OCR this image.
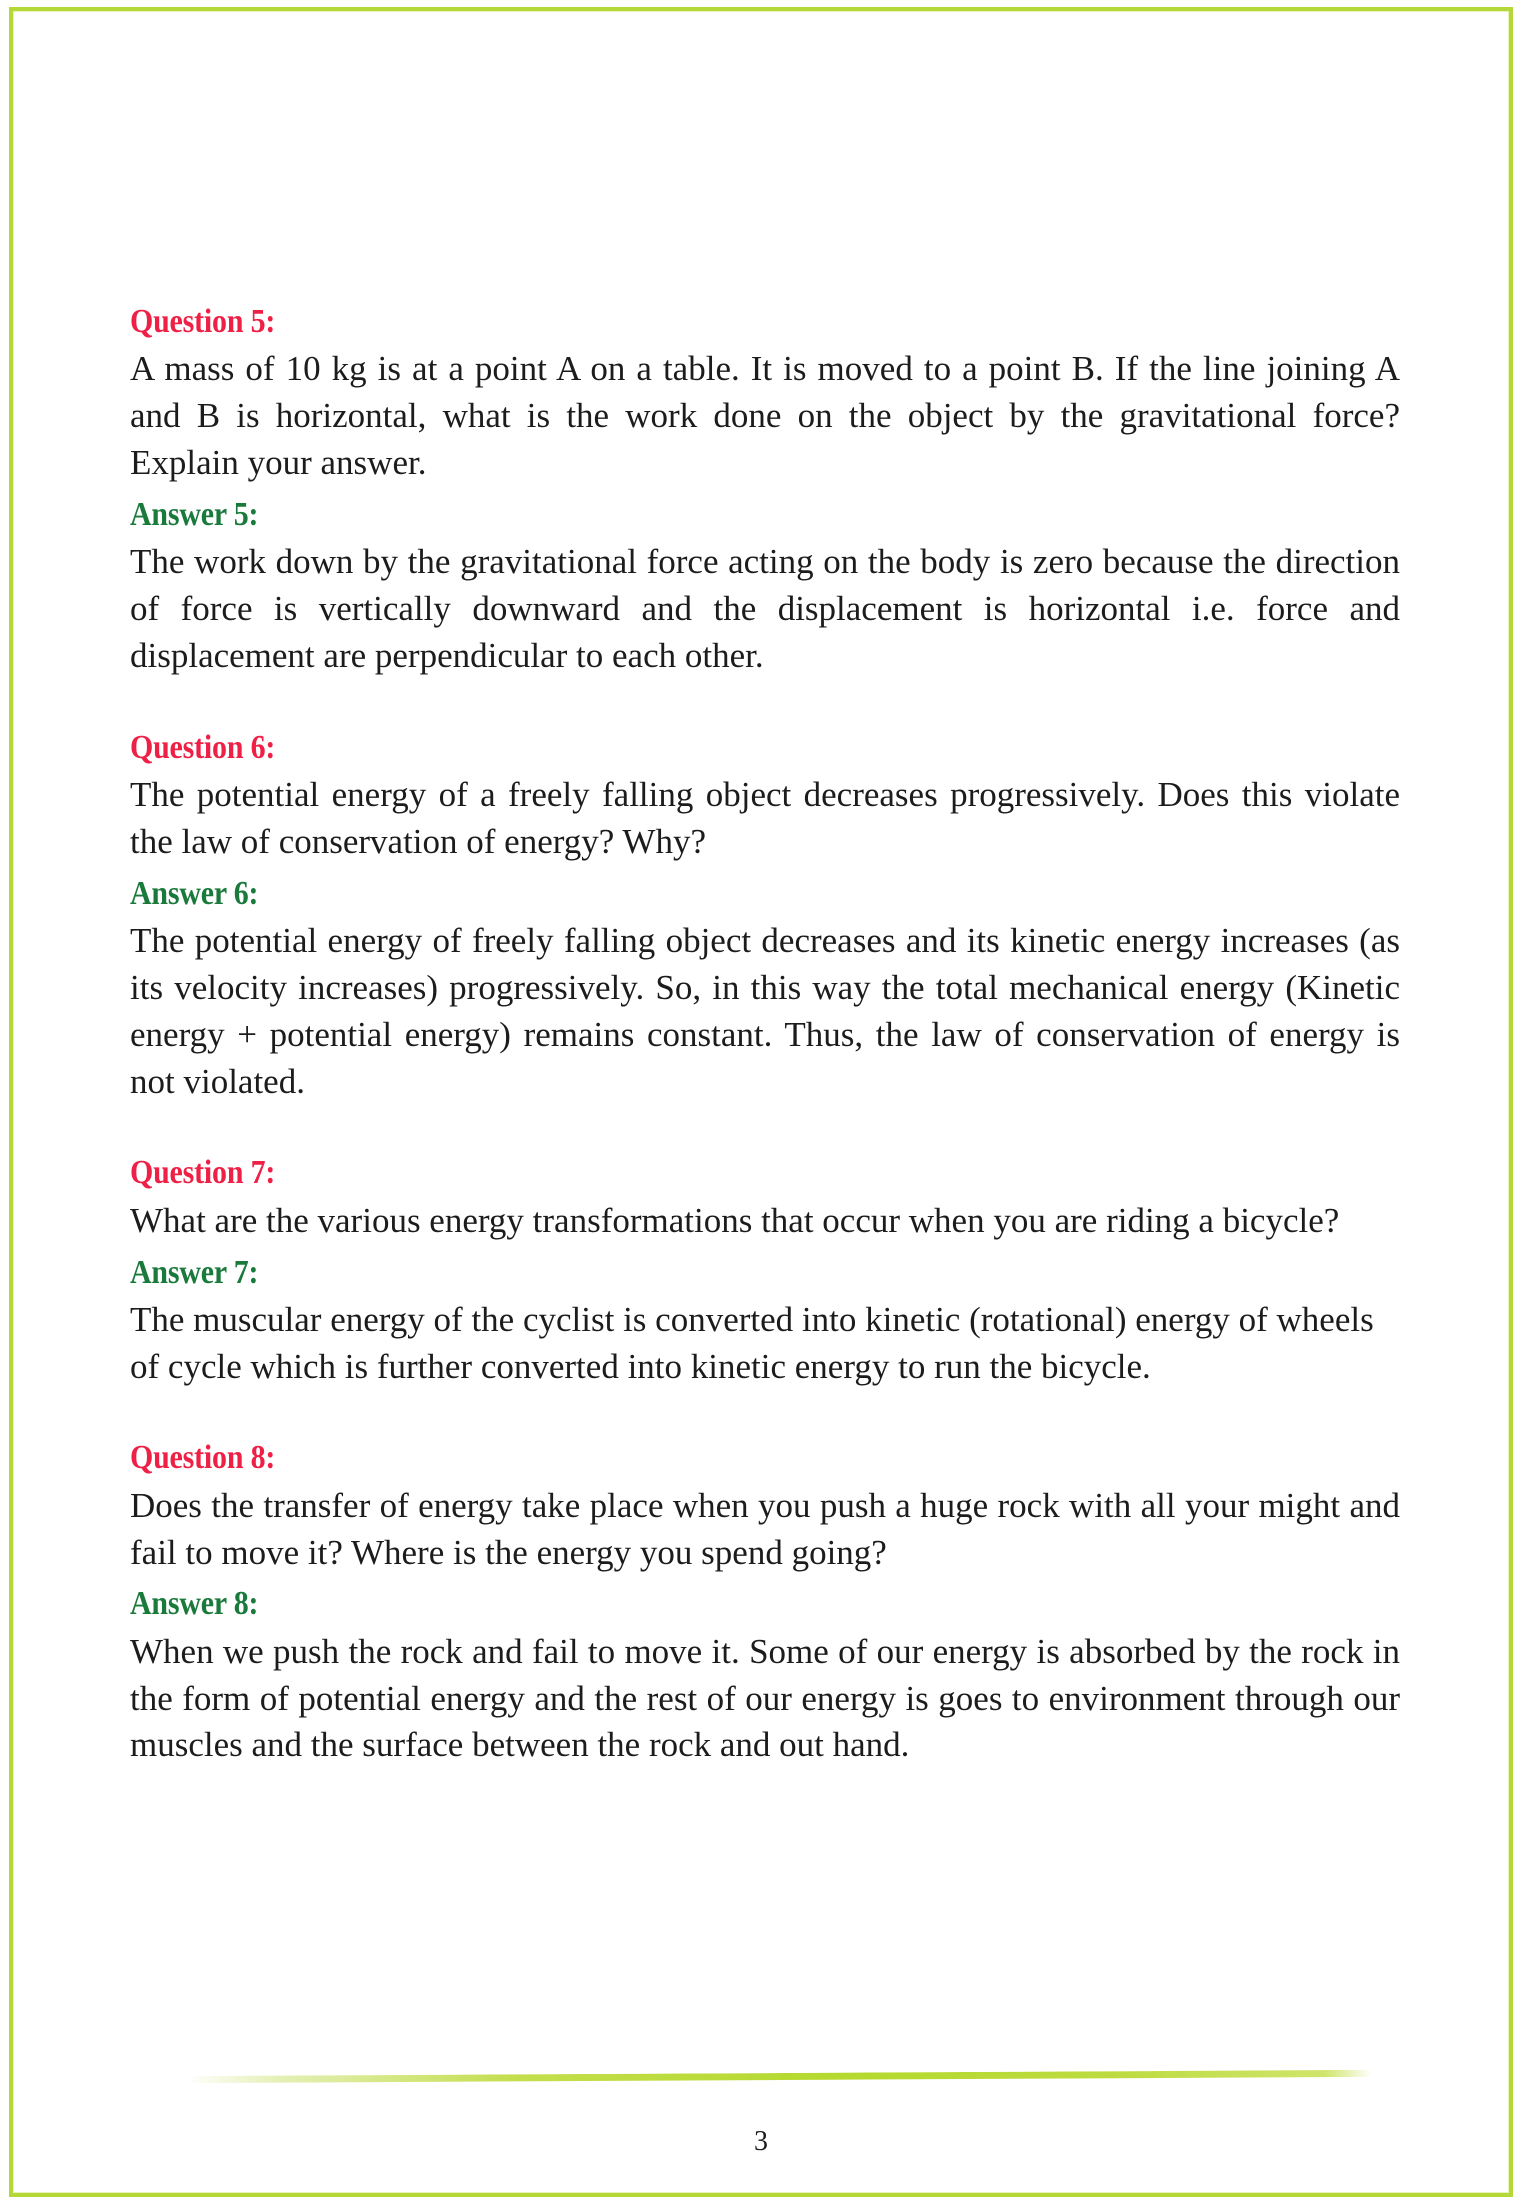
Question 5:

A mass of 10 kg is at a point A on a table. It is moved to a point B. If the line joining A and B is horizontal, what is the work done on the object by the gravitational force? Explain your answer.

Answer 5:

The work down by the gravitational force acting on the body is zero because the direction of force is vertically downward and the displacement is horizontal i.e. force and displacement are perpendicular to each other.

Question 6:

The potential energy of a freely falling object decreases progressively. Does this violate the law of conservation of energy? Why?

Answer 6:

The potential energy of freely falling object decreases and its kinetic energy increases (as its velocity increases) progressively. So, in this way the total mechanical energy (Kinetic energy + potential energy) remains constant. Thus, the law of conservation of energy is not violated.

Question 7:

What are the various energy transformations that occur when you are riding a bicycle?

Answer 7:

The muscular energy of the cyclist is converted into kinetic (rotational) energy of wheels of cycle which is further converted into kinetic energy to run the bicycle.

Question 8:

Does the transfer of energy take place when you push a huge rock with all your might and fail to move it? Where is the energy you spend going?

Answer 8:

When we push the rock and fail to move it. Some of our energy is absorbed by the rock in the form of potential energy and the rest of our energy is goes to environment through our muscles and the surface between the rock and out hand.

3
